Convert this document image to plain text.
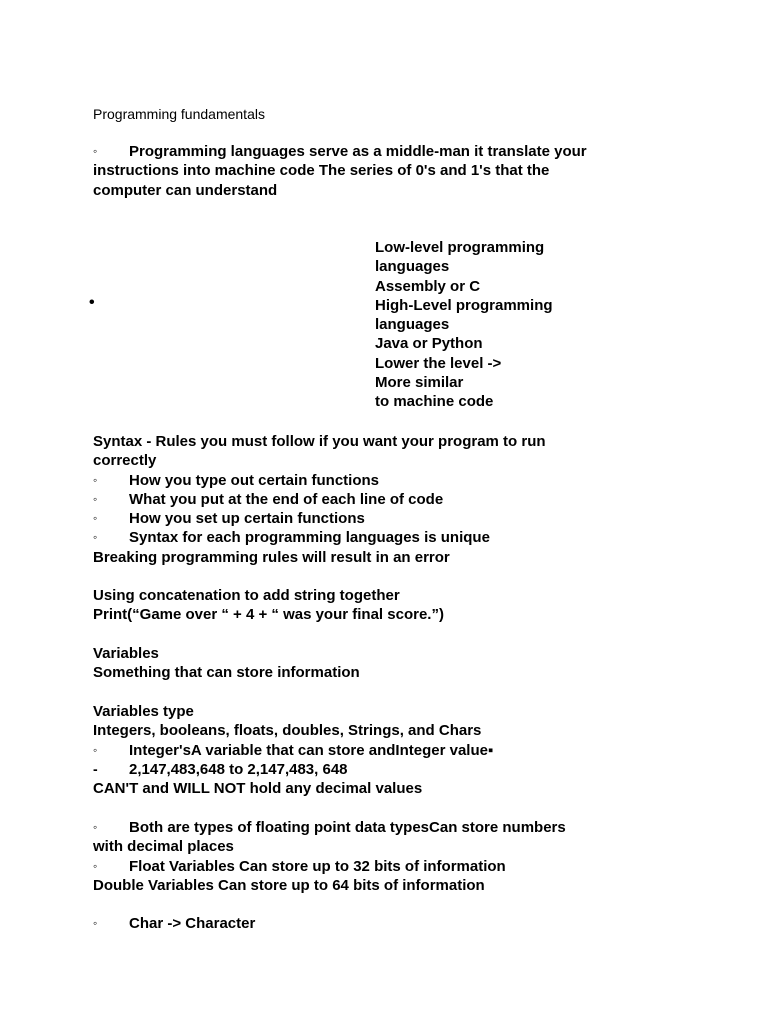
Programming fundamentals
◦ Programming languages serve as a middle-man it translate your
instructions into machine code The series of 0's and 1's that the
computer can understand
•
Low-level programming
languages
Assembly or C
High-Level programming
languages
Java or Python
Lower the level ->
More similar
to machine code
Syntax - Rules you must follow if you want your program to run
correctly
◦ How you type out certain functions
◦ What you put at the end of each line of code
◦ How you set up certain functions
◦ Syntax for each programming languages is unique
Breaking programming rules will result in an error
Using concatenation to add string together
Print(“Game over “ + 4 + “ was your final score.”)
Variables
Something that can store information
Variables type
Integers, booleans, floats, doubles, Strings, and Chars
◦ Integer'sA variable that can store andInteger value▪
- 2,147,483,648 to 2,147,483, 648
CAN'T and WILL NOT hold any decimal values
◦ Both are types of floating point data typesCan store numbers
with decimal places
◦ Float Variables Can store up to 32 bits of information
Double Variables Can store up to 64 bits of information
◦ Char -> Character
